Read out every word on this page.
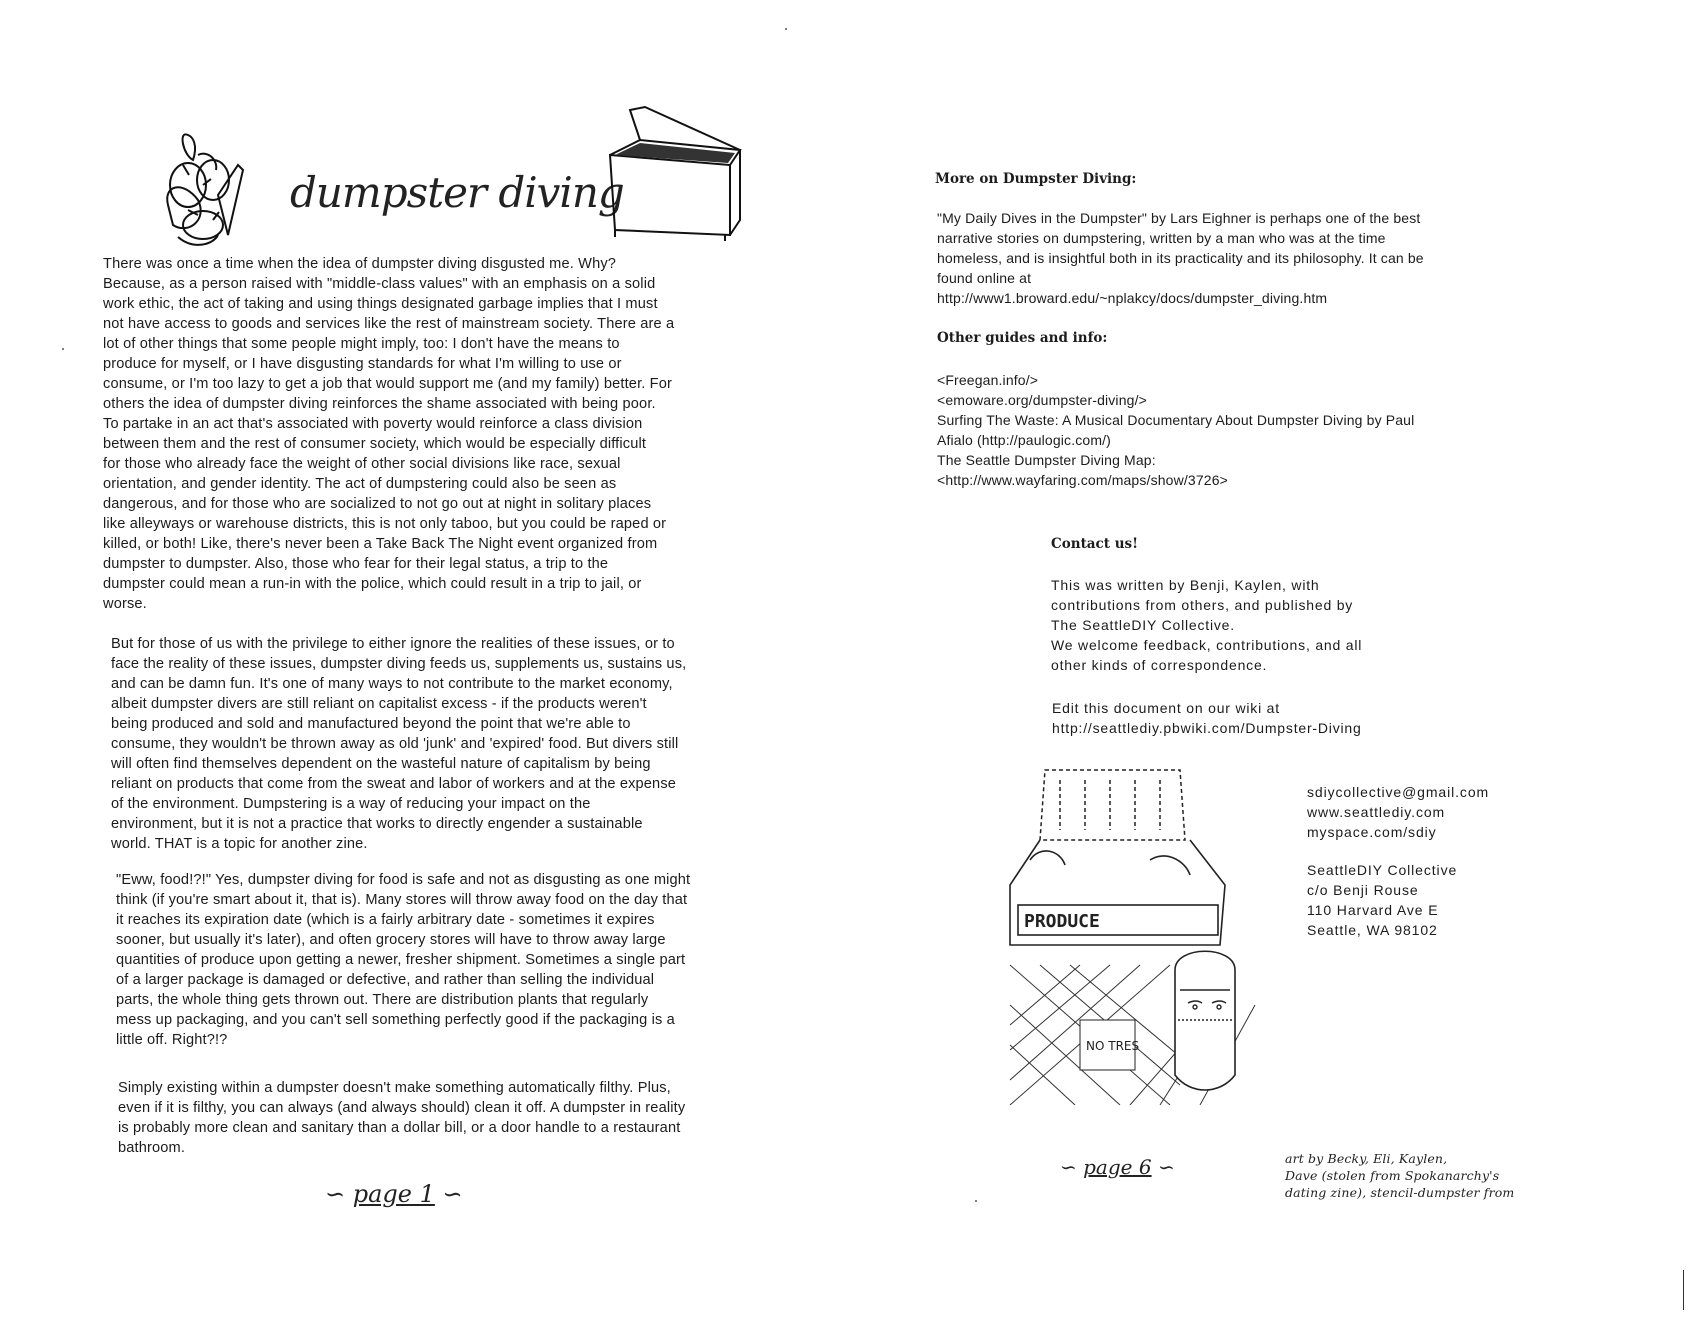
dumpster diving
There was once a time when the idea of dumpster diving disgusted me. Why?
Because, as a person raised with "middle-class values" with an emphasis on a solid
work ethic, the act of taking and using things designated garbage implies that I must
not have access to goods and services like the rest of mainstream society. There are a
lot of other things that some people might imply, too: I don't have the means to
produce for myself, or I have disgusting standards for what I'm willing to use or
consume, or I'm too lazy to get a job that would support me (and my family) better. For
others the idea of dumpster diving reinforces the shame associated with being poor.
To partake in an act that's associated with poverty would reinforce a class division
between them and the rest of consumer society, which would be especially difficult
for those who already face the weight of other social divisions like race, sexual
orientation, and gender identity. The act of dumpstering could also be seen as
dangerous, and for those who are socialized to not go out at night in solitary places
like alleyways or warehouse districts, this is not only taboo, but you could be raped or
killed, or both! Like, there's never been a Take Back The Night event organized from
dumpster to dumpster. Also, those who fear for their legal status, a trip to the
dumpster could mean a run-in with the police, which could result in a trip to jail, or
worse.
But for those of us with the privilege to either ignore the realities of these issues, or to
face the reality of these issues, dumpster diving feeds us, supplements us, sustains us,
and can be damn fun. It's one of many ways to not contribute to the market economy,
albeit dumpster divers are still reliant on capitalist excess - if the products weren't
being produced and sold and manufactured beyond the point that we're able to
consume, they wouldn't be thrown away as old 'junk' and 'expired' food. But divers still
will often find themselves dependent on the wasteful nature of capitalism by being
reliant on products that come from the sweat and labor of workers and at the expense
of the environment. Dumpstering is a way of reducing your impact on the
environment, but it is not a practice that works to directly engender a sustainable
world. THAT is a topic for another zine.
"Eww, food!?!" Yes, dumpster diving for food is safe and not as disgusting as one might
think (if you're smart about it, that is). Many stores will throw away food on the day that
it reaches its expiration date (which is a fairly arbitrary date - sometimes it expires
sooner, but usually it's later), and often grocery stores will have to throw away large
quantities of produce upon getting a newer, fresher shipment. Sometimes a single part
of a larger package is damaged or defective, and rather than selling the individual
parts, the whole thing gets thrown out. There are distribution plants that regularly
mess up packaging, and you can't sell something perfectly good if the packaging is a
little off. Right?!?
Simply existing within a dumpster doesn't make something automatically filthy. Plus,
even if it is filthy, you can always (and always should) clean it off. A dumpster in reality
is probably more clean and sanitary than a dollar bill, or a door handle to a restaurant
bathroom.
∽ page 1 ∽
More on Dumpster Diving:
"My Daily Dives in the Dumpster" by Lars Eighner is perhaps one of the best
narrative stories on dumpstering, written by a man who was at the time
homeless, and is insightful both in its practicality and its philosophy. It can be
found online at
http://www1.broward.edu/~nplakcy/docs/dumpster_diving.htm
Other guides and info:
<Freegan.info/>
<emoware.org/dumpster-diving/>
Surfing The Waste: A Musical Documentary About Dumpster Diving by Paul
Afialo (http://paulogic.com/)
The Seattle Dumpster Diving Map:
<http://www.wayfaring.com/maps/show/3726>
Contact us!
This was written by Benji, Kaylen, with
contributions from others, and published by
The SeattleDIY Collective.
We welcome feedback, contributions, and all
other kinds of correspondence.
Edit this document on our wiki at
http://seattlediy.pbwiki.com/Dumpster-Diving
PRODUCE
NO TRES
sdiycollective@gmail.com
www.seattlediy.com
myspace.com/sdiy
SeattleDIY Collective
c/o Benji Rouse
110 Harvard Ave E
Seattle, WA 98102
∽ page 6 ∽	art by Becky, Eli, Kaylen,
Dave (stolen from Spokanarchy's
dating zine), stencil-dumpster from
